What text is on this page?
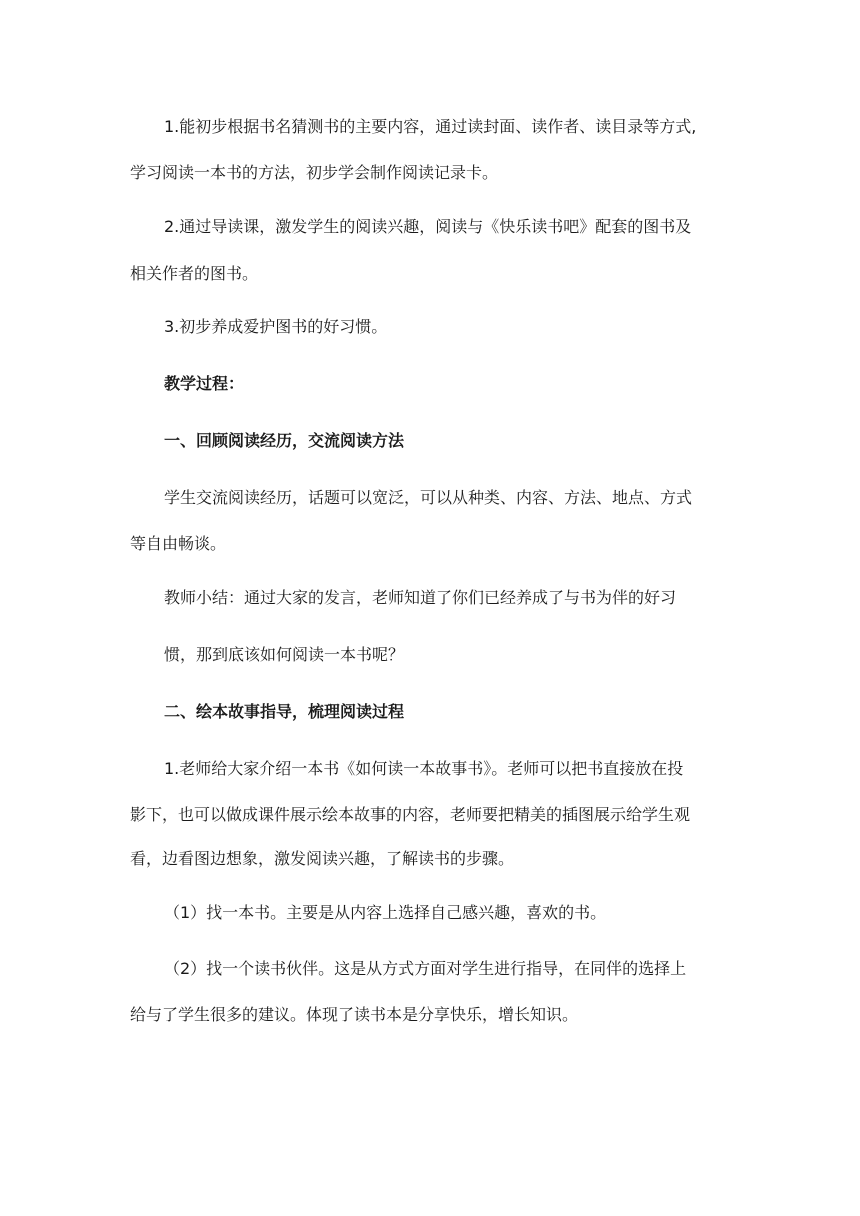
1.能初步根据书名猜测书的主要内容，通过读封面、读作者、读目录等方式,
学习阅读一本书的方法，初步学会制作阅读记录卡。
2.通过导读课，激发学生的阅读兴趣，阅读与《快乐读书吧》配套的图书及
相关作者的图书。
3.初步养成爱护图书的好习惯。
教学过程：
一、回顾阅读经历，交流阅读方法
学生交流阅读经历，话题可以宽泛，可以从种类、内容、方法、地点、方式
等自由畅谈。
教师小结：通过大家的发言，老师知道了你们已经养成了与书为伴的好习
惯，那到底该如何阅读一本书呢？
二、绘本故事指导，梳理阅读过程
1.老师给大家介绍一本书《如何读一本故事书》。老师可以把书直接放在投
影下，也可以做成课件展示绘本故事的内容，老师要把精美的插图展示给学生观
看，边看图边想象，激发阅读兴趣，了解读书的步骤。
（1）找一本书。主要是从内容上选择自己感兴趣，喜欢的书。
（2）找一个读书伙伴。这是从方式方面对学生进行指导，在同伴的选择上
给与了学生很多的建议。体现了读书本是分享快乐，增长知识。
